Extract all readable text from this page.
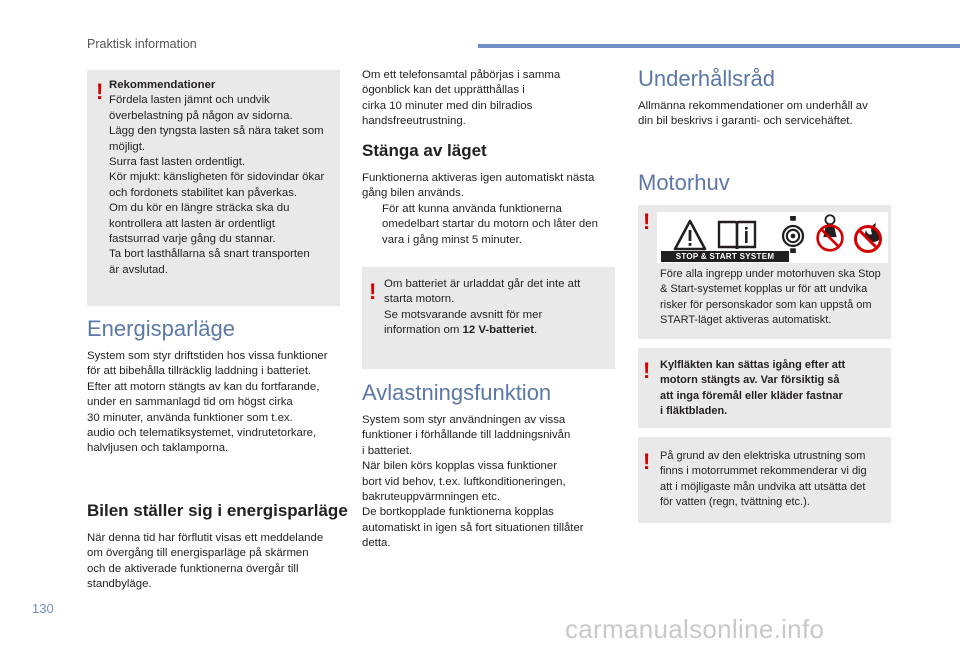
Praktisk information
! Rekommendationer

Fördela lasten jämnt och undvik

överbelastning på någon av sidorna.

Lägg den tyngsta lasten så nära taket som

möjligt.

Surra fast lasten ordentligt.

Kör mjukt: känsligheten för sidovindar ökar

och fordonets stabilitet kan påverkas.

Om du kör en längre sträcka ska du

kontrollera att lasten är ordentligt

fastsurrad varje gång du stannar.

Ta bort lasthållarna så snart transporten

är avslutad.

Energisparläge

System som styr driftstiden hos vissa funktioner

för att bibehålla tillräcklig laddning i batteriet.

Efter att motorn stängts av kan du fortfarande,

under en sammanlagd tid om högst cirka

30 minuter, använda funktioner som t.ex.

audio och telematiksystemet, vindrutetorkare,

halvljusen och taklamporna.

Bilen ställer sig i energisparläge

När denna tid har förflutit visas ett meddelande

om övergång till energisparläge på skärmen

och de aktiverade funktionerna övergår till

standbyläge.

Om ett telefonsamtal påbörjas i samma

ögonblick kan det upprätthållas i

cirka 10 minuter med din bilradios

handsfreeutrustning.

Stänga av läget

Funktionerna aktiveras igen automatiskt nästa

gång bilen används.

För att kunna använda funktionerna

omedelbart startar du motorn och låter den

vara i gång minst 5 minuter.

! Om batteriet är urladdat går det inte att

starta motorn.

Se motsvarande avsnitt för mer

information om 12 V-batteriet.

Avlastningsfunktion

System som styr användningen av vissa

funktioner i förhållande till laddningsnivån

i batteriet.

När bilen körs kopplas vissa funktioner

bort vid behov, t.ex. luftkonditioneringen,

bakruteuppvärmningen etc.

De bortkopplade funktionerna kopplas

automatiskt in igen så fort situationen tillåter

detta.

Underhållsråd

Allmänna rekommendationer om underhåll av

din bil beskrivs i garanti- och servicehäftet.

Motorhuv
!

Före alla ingrepp under motorhuven ska Stop

& Start-systemet kopplas ur för att undvika

risker för personskador som kan uppstå om

START-läget aktiveras automatiskt.

STOP & START SYSTEM
! Kylfläkten kan sättas igång efter att

motorn stängts av. Var försiktig så

att inga föremål eller kläder fastnar

i fläktbladen.

! På grund av den elektriska utrustning som

finns i motorrummet rekommenderar vi dig

att i möjligaste mån undvika att utsätta det

för vatten (regn, tvättning etc.).

130
carmanualsonline.info
